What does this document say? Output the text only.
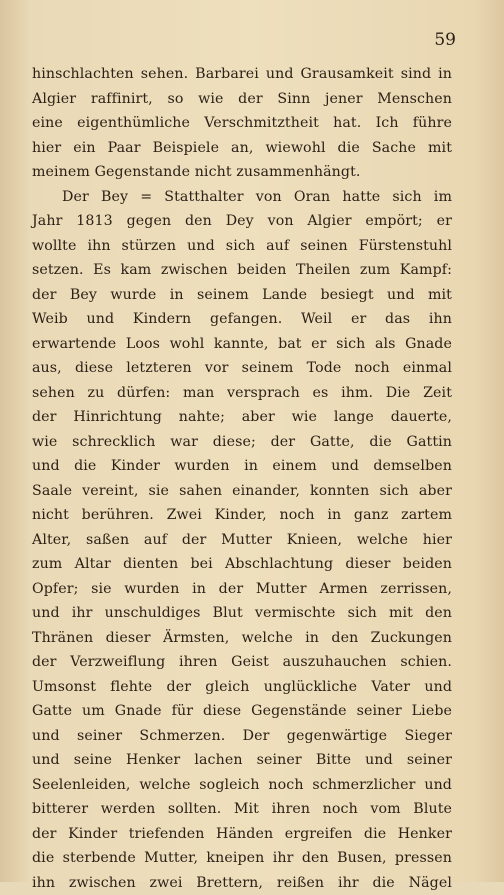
59

hinschlachten sehen. Barbarei und Grausamkeit sind in
Algier raffinirt, so wie der Sinn jener Menschen
eine eigenthümliche Verschmitztheit hat. Ich führe
hier ein Paar Beispiele an, wiewohl die Sache mit
meinem Gegenstande nicht zusammenhängt.
Der Bey = Statthalter von Oran hatte sich im
Jahr 1813 gegen den Dey von Algier empört; er
wollte ihn stürzen und sich auf seinen Fürstenstuhl
setzen. Es kam zwischen beiden Theilen zum Kampf:
der Bey wurde in seinem Lande besiegt und mit
Weib und Kindern gefangen. Weil er das ihn
erwartende Loos wohl kannte, bat er sich als Gnade
aus, diese letzteren vor seinem Tode noch einmal
sehen zu dürfen: man versprach es ihm. Die Zeit
der Hinrichtung nahte; aber wie lange dauerte,
wie schrecklich war diese; der Gatte, die Gattin
und die Kinder wurden in einem und demselben
Saale vereint, sie sahen einander, konnten sich aber
nicht berühren. Zwei Kinder, noch in ganz zartem
Alter, saßen auf der Mutter Knieen, welche hier
zum Altar dienten bei Abschlachtung dieser beiden
Opfer; sie wurden in der Mutter Armen zerrissen,
und ihr unschuldiges Blut vermischte sich mit den
Thränen dieser Ärmsten, welche in den Zuckungen
der Verzweiflung ihren Geist auszuhauchen schien.
Umsonst flehte der gleich unglückliche Vater und
Gatte um Gnade für diese Gegenstände seiner Liebe
und seiner Schmerzen. Der gegenwärtige Sieger
und seine Henker lachen seiner Bitte und seiner
Seelenleiden, welche sogleich noch schmerzlicher und
bitterer werden sollten. Mit ihren noch vom Blute
der Kinder triefenden Händen ergreifen die Henker
die sterbende Mutter, kneipen ihr den Busen, pressen
ihn zwischen zwei Brettern, reißen ihr die Nägel
